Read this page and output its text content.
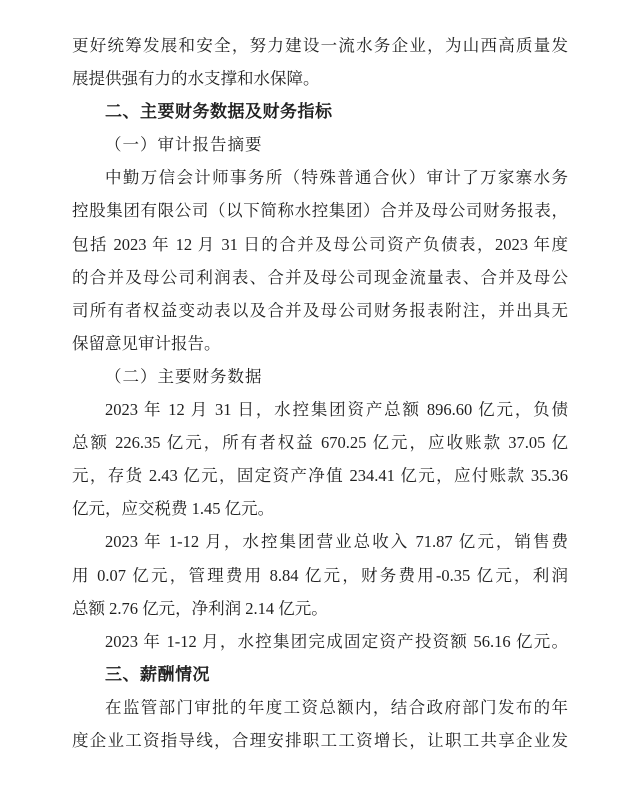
更好统筹发展和安全，努力建设一流水务企业，为山西高质量发
展提供强有力的水支撑和水保障。
二、主要财务数据及财务指标
（一）审计报告摘要
中勤万信会计师事务所（特殊普通合伙）审计了万家寨水务
控股集团有限公司（以下简称水控集团）合并及母公司财务报表，
包括 2023 年 12 月 31 日的合并及母公司资产负债表，2023 年度
的合并及母公司利润表、合并及母公司现金流量表、合并及母公
司所有者权益变动表以及合并及母公司财务报表附注，并出具无
保留意见审计报告。
（二）主要财务数据
2023 年 12 月 31 日，水控集团资产总额 896.60 亿元，负债
总额 226.35 亿元，所有者权益 670.25 亿元，应收账款 37.05 亿
元，存货 2.43 亿元，固定资产净值 234.41 亿元，应付账款 35.36
亿元，应交税费 1.45 亿元。
2023 年 1-12 月，水控集团营业总收入 71.87 亿元，销售费
用 0.07 亿元，管理费用 8.84 亿元，财务费用-0.35 亿元，利润
总额 2.76 亿元，净利润 2.14 亿元。
2023 年 1-12 月，水控集团完成固定资产投资额 56.16 亿元。
三、薪酬情况
在监管部门审批的年度工资总额内，结合政府部门发布的年
度企业工资指导线，合理安排职工工资增长，让职工共享企业发
